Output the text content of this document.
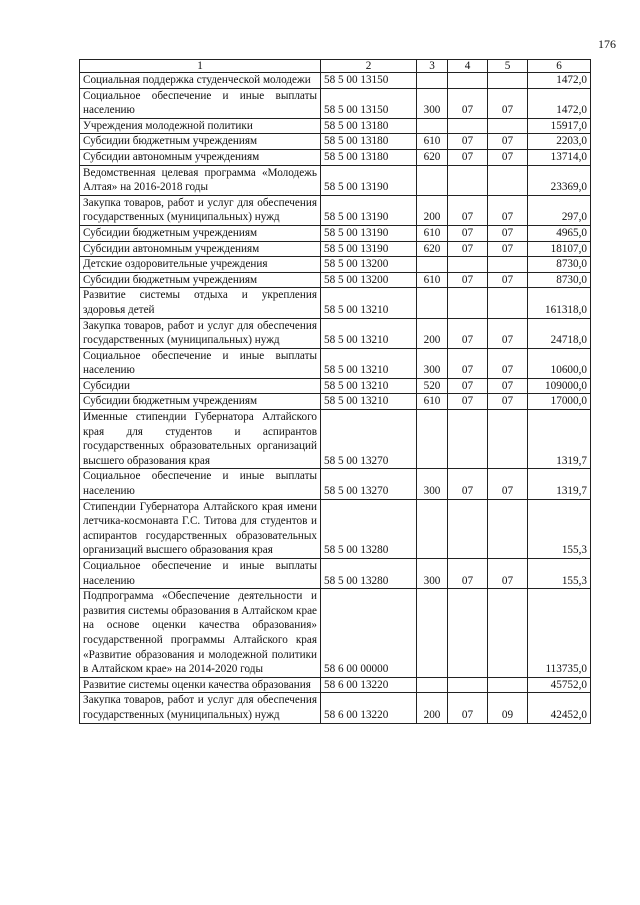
176
1	2	3	4	5	6
Социальная поддержка студенческой молодежи	58 5 00 13150				1472,0
Социальное обеспечение и иные выплаты населению	58 5 00 13150	300	07	07	1472,0
Учреждения молодежной политики	58 5 00 13180				15917,0
Субсидии бюджетным учреждениям	58 5 00 13180	610	07	07	2203,0
Субсидии автономным учреждениям	58 5 00 13180	620	07	07	13714,0
Ведомственная целевая программа «Молодежь Алтая» на 2016-2018 годы	58 5 00 13190				23369,0
Закупка товаров, работ и услуг для обеспечения государственных (муниципальных) нужд	58 5 00 13190	200	07	07	297,0
Субсидии бюджетным учреждениям	58 5 00 13190	610	07	07	4965,0
Субсидии автономным учреждениям	58 5 00 13190	620	07	07	18107,0
Детские оздоровительные учреждения	58 5 00 13200				8730,0
Субсидии бюджетным учреждениям	58 5 00 13200	610	07	07	8730,0
Развитие системы отдыха и укрепления здоровья детей	58 5 00 13210				161318,0
Закупка товаров, работ и услуг для обеспечения государственных (муниципальных) нужд	58 5 00 13210	200	07	07	24718,0
Социальное обеспечение и иные выплаты населению	58 5 00 13210	300	07	07	10600,0
Субсидии	58 5 00 13210	520	07	07	109000,0
Субсидии бюджетным учреждениям	58 5 00 13210	610	07	07	17000,0
Именные стипендии Губернатора Алтайского края для студентов и аспирантов государственных образовательных организаций высшего образования края	58 5 00 13270				1319,7
Социальное обеспечение и иные выплаты населению	58 5 00 13270	300	07	07	1319,7
Стипендии Губернатора Алтайского края имени летчика-космонавта Г.С. Титова для студентов и аспирантов государственных образовательных организаций высшего образования края	58 5 00 13280				155,3
Социальное обеспечение и иные выплаты населению	58 5 00 13280	300	07	07	155,3
Подпрограмма «Обеспечение деятельности и развития системы образования в Алтайском крае на основе оценки качества образования» государственной программы Алтайского края «Развитие образования и молодежной политики в Алтайском крае» на 2014-2020 годы	58 6 00 00000				113735,0
Развитие системы оценки качества образования	58 6 00 13220				45752,0
Закупка товаров, работ и услуг для обеспечения государственных (муниципальных) нужд	58 6 00 13220	200	07	09	42452,0
